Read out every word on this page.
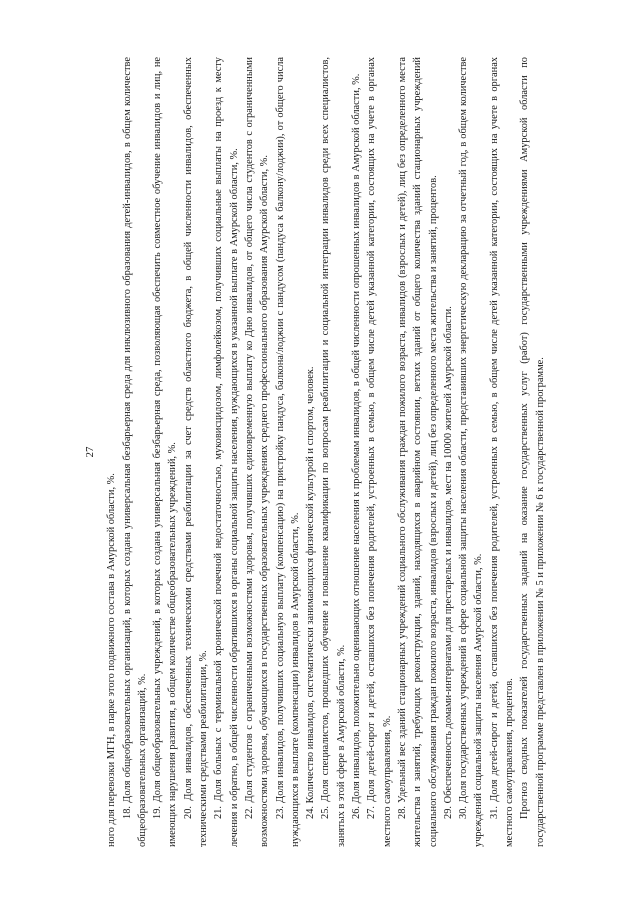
27

ного для перевозки МГН, в парке этого подвижного состава в Амурской области, %. 18. Доля общеобразовательных организаций, в которых создана универсальная безбарьерная среда для инклюзивного образования детей-инвалидов, в общем количестве общеобразовательных организаций, %. 19. Доля общеобразовательных учреждений, в которых создана универсальная безбарьерная среда, позволяющая обеспечить совместное обучение инвалидов и лиц, не имеющих нарушения развития, в общем количестве общеобразовательных учреждений, %. 20. Доля инвалидов, обеспеченных техническими средствами реабилитации за счет средств областного бюджета, в общей численности инвалидов, обеспеченных техническими средствами реабилитации, %. 21. Доля больных с терминальной хронической почечной недостаточностью, муковисцидозом, лимфолейкозом, получивших социальные выплаты на проезд к месту лечения и обратно, в общей численности обратившихся в органы социальной защиты населения, нуждающихся в указанной выплате в Амурской области, %. 22. Доля студентов с ограниченными возможностями здоровья, получивших единовременную выплату ко Дню инвалидов, от общего числа студентов с ограниченными возможностями здоровья, обучающихся в государственных образовательных учреждениях среднего профессионального образования Амурской области, %. 23. Доля инвалидов, получивших социальную выплату (компенсацию) на пристройку пандуса, балкона/лоджии с пандусом (пандуса к балкону/лоджии), от общего числа нуждающихся в выплате (компенсации) инвалидов в Амурской области, %. 24. Количество инвалидов, систематически занимающихся физической культурой и спортом, человек. 25. Доля специалистов, прошедших обучение и повышение квалификации по вопросам реабилитации и социальной интеграции инвалидов среди всех специалистов, занятых в этой сфере в Амурской области, %. 26. Доля инвалидов, положительно оценивающих отношение населения к проблемам инвалидов, в общей численности опрошенных инвалидов в Амурской области, %. 27. Доля детей-сирот и детей, оставшихся без попечения родителей, устроенных в семью, в общем числе детей указанной категории, состоящих на учете в органах местного самоуправления, %. 28. Удельный вес зданий стационарных учреждений социального обслуживания граждан пожилого возраста, инвалидов (взрослых и детей), лиц без определенного места жительства и занятий, требующих реконструкции, зданий, находящихся в аварийном состоянии, ветхих зданий от общего количества зданий стационарных учреждений социального обслуживания граждан пожилого возраста, инвалидов (взрослых и детей), лиц без определенного места жительства и занятий, процентов. 29. Обеспеченность домами-интернатами для престарелых и инвалидов, мест на 10000 жителей Амурской области. 30. Доля государственных учреждений в сфере социальной защиты населения области, представивших энергетическую декларацию за отчетный год, в общем количестве учреждений социальной защиты населения Амурской области, %. 31. Доля детей-сирот и детей, оставшихся без попечения родителей, устроенных в семью, в общем числе детей указанной категории, состоящих на учете в органах местного самоуправления, процентов. Прогноз сводных показателей государственных заданий на оказание государственных услуг (работ) государственными учреждениями Амурской области по государственной программе представлен в приложении № 5 и приложении № 6 к государственной программе.
